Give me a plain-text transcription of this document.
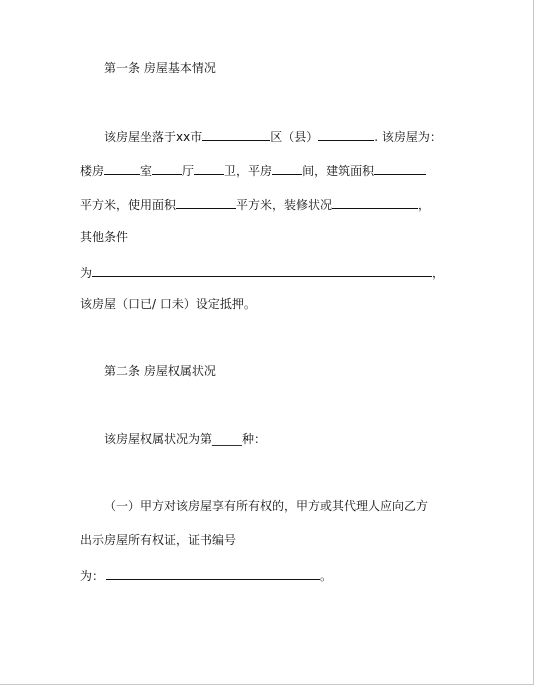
第一条 房屋基本情况
该房屋坐落于xx市	区（县）	. 该房屋为：
楼房	室	厅	卫，平房	间，建筑面积
平方米，使用面积	平方米，装修状况	，
其他条件
为	，
该房屋（口已/ 口未）设定抵押。
第二条 房屋权属状况
该房屋权属状况为第_____种：
（一）甲方对该房屋享有所有权的，甲方或其代理人应向乙方
出示房屋所有权证，证书编号
为：	。
